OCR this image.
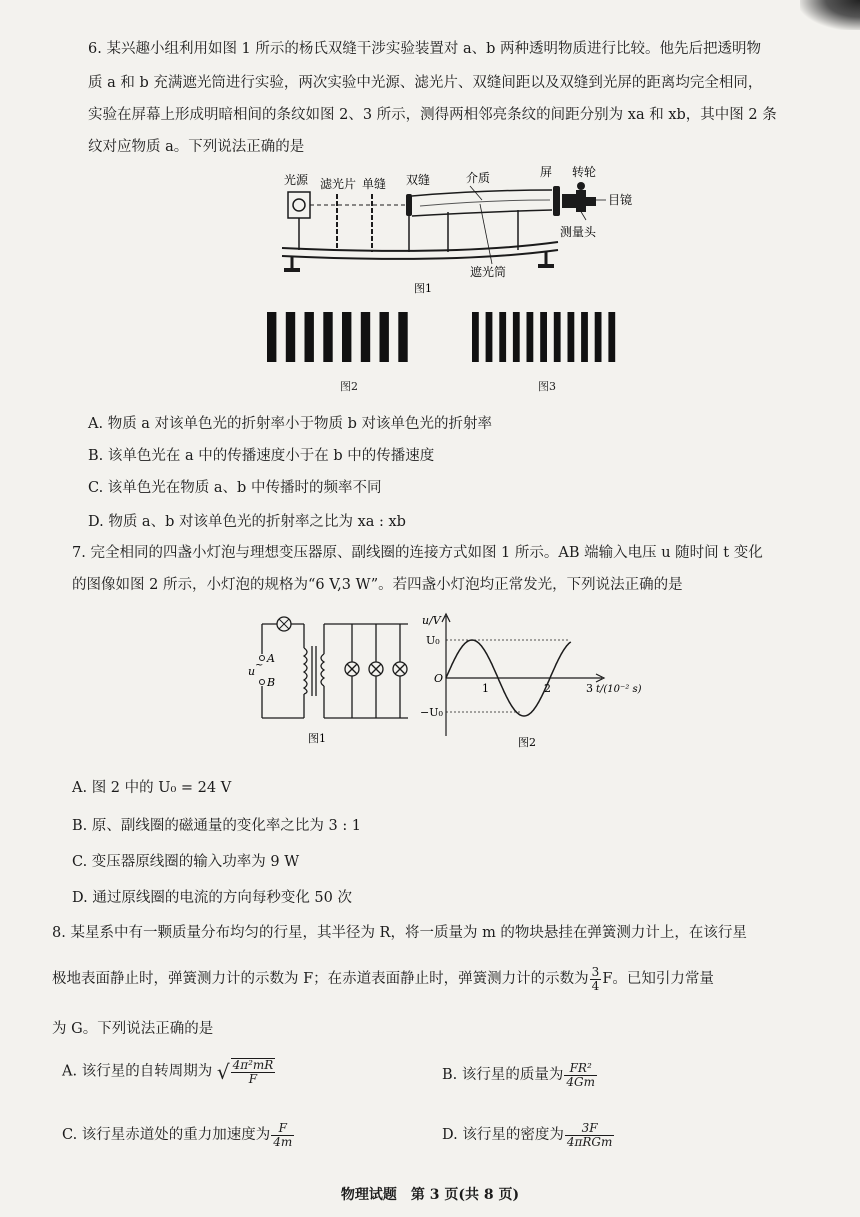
6. 某兴趣小组利用如图 1 所示的杨氏双缝干涉实验装置对 a、b 两种透明物质进行比较。他先后把透明物
质 a 和 b 充满遮光筒进行实验，两次实验中光源、滤光片、双缝间距以及双缝到光屏的距离均完全相同，
实验在屏幕上形成明暗相间的条纹如图 2、3 所示，测得两相邻亮条纹的间距分别为 xa 和 xb，其中图 2 条
纹对应物质 a。下列说法正确的是
光源 滤光片 单缝 双缝	介质	屏 转轮
目镜
测量头
遮光筒
图1
图2	图3
A. 物质 a 对该单色光的折射率小于物质 b 对该单色光的折射率
B. 该单色光在 a 中的传播速度小于在 b 中的传播速度
C. 该单色光在物质 a、b 中传播时的频率不同
D. 物质 a、b 对该单色光的折射率之比为 xa : xb
7. 完全相同的四盏小灯泡与理想变压器原、副线圈的连接方式如图 1 所示。AB 端输入电压 u 随时间 t 变化
的图像如图 2 所示，小灯泡的规格为“6 V,3 W”。若四盏小灯泡均正常发光，下列说法正确的是
u ~
A
B
图1
u/V
U₀
−U₀
O
1	2	3 t/(10⁻² s)
图2
A. 图 2 中的 U₀ = 24 V
B. 原、副线圈的磁通量的变化率之比为 3 : 1
C. 变压器原线圈的输入功率为 9 W
D. 通过原线圈的电流的方向每秒变化 50 次
8. 某星系中有一颗质量分布均匀的行星，其半径为 R，将一质量为 m 的物块悬挂在弹簧测力计上，在该行星
极地表面静止时，弹簧测力计的示数为 F；在赤道表面静止时，弹簧测力计的示数为 $\frac{3}{4}$ F。已知引力常量
为 G。下列说法正确的是
A. 该行星的自转周期为 √ $\frac{\text{4π²mR}}{F}$	B. 该行星的质量为 $\frac{\text{FR²}}{4Gm}$
C. 该行星赤道处的重力加速度为 $\frac{F}{4m}$	D. 该行星的密度为 $\frac{3F}{\text{4πRGm}}$
物理试题　第 3 页(共 8 页)
